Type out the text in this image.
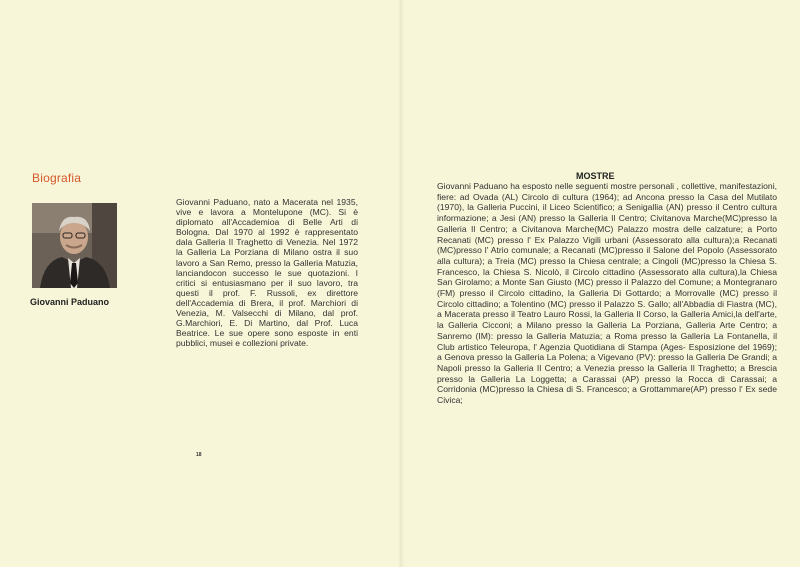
Biografia
Giovanni Paduano
Giovanni Paduano, nato a Macerata nel 1935, vive e lavora a Montelupone (MC). Si è diplomato all'Accademioa di Belle Arti di Bologna. Dal 1970 al 1992 è rappresentato dala Galleria Il Traghetto di Venezia. Nel 1972 la Galleria La Porziana di Milano ostra il suo lavoro a San Remo, presso la Galleria Matuzia, lanciandocon successo le sue quotazioni. I critici si entusiasmano per il suo lavoro, tra questi il prof. F. Russoli, ex direttore dell'Accademia di Brera, il prof. Marchiori di Venezia, M. Valsecchi di Milano, dal prof. G.Marchiori, E. Di Martino, dal Prof. Luca Beatrice. Le sue opere sono esposte in enti pubblici, musei e collezioni private.
18
MOSTRE
Giovanni Paduano ha esposto nelle seguenti mostre personali , collettive, manifestazioni, fiere: ad Ovada (AL) Circolo di cultura (1964); ad Ancona presso la Casa del Mutilato (1970), la Galleria Puccini, il Liceo Scientifico; a Senigallia (AN) presso il Centro cultura informazione; a Jesi (AN) presso la Galleria Il Centro; Civitanova Marche(MC)presso la Galleria Il Centro; a Civitanova Marche(MC) Palazzo mostra delle calzature; a Porto Recanati (MC) presso l' Ex Palazzo Vigili urbani (Assessorato alla cultura);a Recanati (MC)presso l' Atrio comunale; a Recanati (MC)presso il Salone del Popolo (Assessorato alla cultura); a Treia (MC) presso la Chiesa centrale; a Cingoli (MC)presso la Chiesa S. Francesco, la Chiesa S. Nicolò, il Circolo cittadino (Assessorato alla cultura),la Chiesa San Girolamo; a Monte San Giusto (MC) presso il Palazzo del Comune; a Montegranaro (FM) presso il Circolo cittadino, la Galleria Di Gottardo; a Morrovalle (MC) presso il Circolo cittadino; a Tolentino (MC) presso il Palazzo S. Gallo; all'Abbadia di Fiastra (MC), a Macerata presso il Teatro Lauro Rossi, la Galleria Il Corso, la Galleria Amici,la dell'arte, la Galleria Cicconi; a Milano presso la Galleria La Porziana, Galleria Arte Centro; a Sanremo (IM): presso la Galleria Matuzia; a Roma presso la Galleria La Fontanella, il Club artistico Teleuropa, l' Agenzia Quotidiana di Stampa (Ages- Esposizione del 1969); a Genova presso la Galleria La Polena; a Vigevano (PV): presso la Galleria De Grandi; a Napoli presso la Galleria Il Centro; a Venezia presso la Galleria Il Traghetto; a Brescia presso la Galleria La Loggetta; a Carassai (AP) presso la Rocca di Carassai; a Corridonia (MC)presso la Chiesa di S. Francesco; a Grottammare(AP) presso l' Ex sede Civica;
